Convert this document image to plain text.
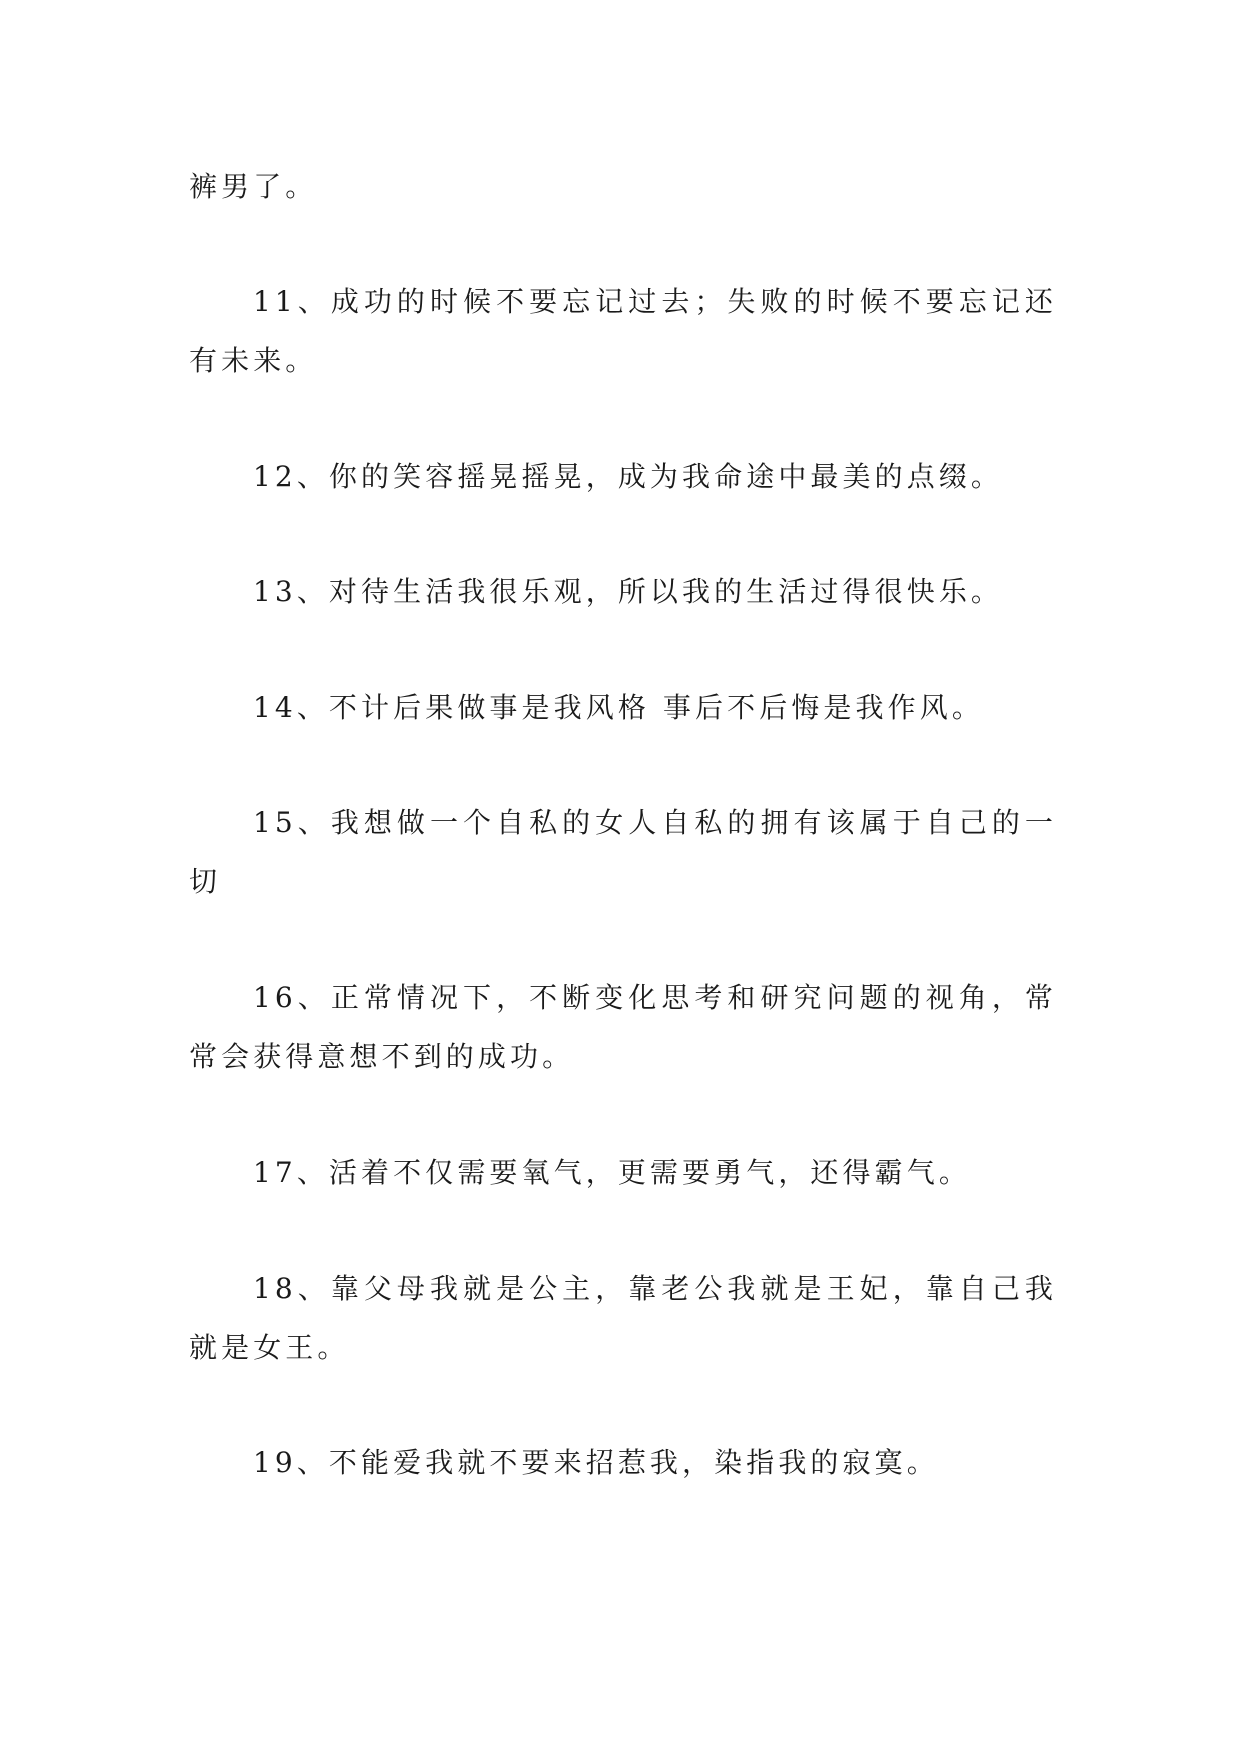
裤男了。

11、成功的时候不要忘记过去；失败的时候不要忘记还有未来。

12、你的笑容摇晃摇晃，成为我命途中最美的点缀。

13、对待生活我很乐观，所以我的生活过得很快乐。

14、不计后果做事是我风格 事后不后悔是我作风。

15、我想做一个自私的女人自私的拥有该属于自己的一切

16、正常情况下，不断变化思考和研究问题的视角，常常会获得意想不到的成功。

17、活着不仅需要氧气，更需要勇气，还得霸气。

18、靠父母我就是公主，靠老公我就是王妃，靠自己我就是女王。

19、不能爱我就不要来招惹我，染指我的寂寞。
